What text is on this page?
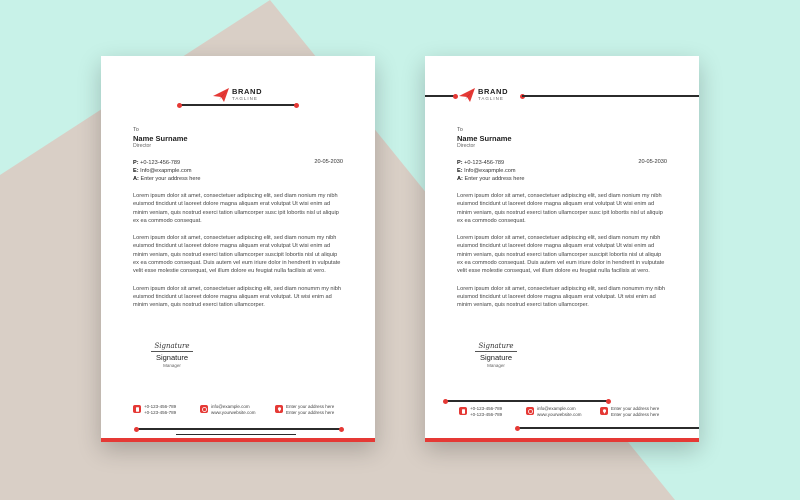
BRAND
TAGLINE
To
Name Surname
Director
P: +0-123-456-789
E: Info@exapmple.com
A: Enter your address here
20-05-2030
Lorem ipsum dolor sit amet, consectetuer adipiscing elit, sed diam nonium my nibh euismod tincidunt ut laoreet dolore magna aliquam erat volutpat Ut wisi enim ad minim veniam, quis nostrud exerci tation ullamcorper susc ipit lobortis nisl ut aliquip ex ea commodo consequat.
Lorem ipsum dolor sit amet, consectetuer adipiscing elit, sed diam nonum my nibh euismod tincidunt ut laoreet dolore magna aliquam erat volutpat Ut wisi enim ad minim veniam, quis nostrud exerci tation ullamcorper suscipit lobortis nisl ut aliquip ex ea commodo consequat. Duis autem vel eum iriure dolor in hendrerit in vulputate velit esse molestie consequat, vel illum dolore eu feugiat nulla facilisis at vero.
Lorem ipsum dolor sit amet, consectetuer adipiscing elit, sed diam nonumm my nibh euismod tincidunt ut laoreet dolore magna aliquam erat volutpat. Ut wisi enim ad minim veniam, quis nostrud exerci tation ullamcorper.
Signature
Signature
Manager
+0-123-456-789
+0-123-456-789
info@example.com
www.yourwebsite.com
Enter your address here
Enter your address here
BRAND
TAGLINE
To
Name Surname
Director
P: +0-123-456-789
E: Info@exapmple.com
A: Enter your address here
20-05-2030
Lorem ipsum dolor sit amet, consectetuer adipiscing elit, sed diam nonium my nibh euismod tincidunt ut laoreet dolore magna aliquam erat volutpat Ut wisi enim ad minim veniam, quis nostrud exerci tation ullamcorper susc ipit lobortis nisl ut aliquip ex ea commodo consequat.
Lorem ipsum dolor sit amet, consectetuer adipiscing elit, sed diam nonum my nibh euismod tincidunt ut laoreet dolore magna aliquam erat volutpat Ut wisi enim ad minim veniam, quis nostrud exerci tation ullamcorper suscipit lobortis nisl ut aliquip ex ea commodo consequat. Duis autem vel eum iriure dolor in hendrerit in vulputate velit esse molestie consequat, vel illum dolore eu feugiat nulla facilisis at vero.
Lorem ipsum dolor sit amet, consectetuer adipiscing elit, sed diam nonumm my nibh euismod tincidunt ut laoreet dolore magna aliquam erat volutpat. Ut wisi enim ad minim veniam, quis nostrud exerci tation ullamcorper.
Signature
Signature
Manager
+0-123-456-789
+0-123-456-789
info@example.com
www.yourwebsite.com
Enter your address here
Enter your address here
